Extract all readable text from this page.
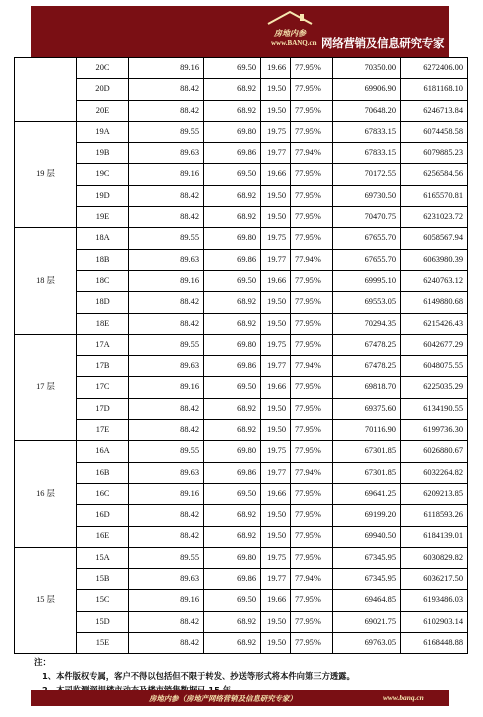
房地内参
www.BANQ.cn 网络营销及信息研究专家
	20C	89.16	69.50	19.66	77.95%	70350.00	6272406.00
	20D	88.42	68.92	19.50	77.95%	69906.90	6181168.10
	20E	88.42	68.92	19.50	77.95%	70648.20	6246713.84
19 层	19A	89.55	69.80	19.75	77.95%	67833.15	6074458.58
	19B	89.63	69.86	19.77	77.94%	67833.15	6079885.23
	19C	89.16	69.50	19.66	77.95%	70172.55	6256584.56
	19D	88.42	68.92	19.50	77.95%	69730.50	6165570.81
	19E	88.42	68.92	19.50	77.95%	70470.75	6231023.72
18 层	18A	89.55	69.80	19.75	77.95%	67655.70	6058567.94
	18B	89.63	69.86	19.77	77.94%	67655.70	6063980.39
	18C	89.16	69.50	19.66	77.95%	69995.10	6240763.12
	18D	88.42	68.92	19.50	77.95%	69553.05	6149880.68
	18E	88.42	68.92	19.50	77.95%	70294.35	6215426.43
17 层	17A	89.55	69.80	19.75	77.95%	67478.25	6042677.29
	17B	89.63	69.86	19.77	77.94%	67478.25	6048075.55
	17C	89.16	69.50	19.66	77.95%	69818.70	6225035.29
	17D	88.42	68.92	19.50	77.95%	69375.60	6134190.55
	17E	88.42	68.92	19.50	77.95%	70116.90	6199736.30
16 层	16A	89.55	69.80	19.75	77.95%	67301.85	6026880.67
	16B	89.63	69.86	19.77	77.94%	67301.85	6032264.82
	16C	89.16	69.50	19.66	77.95%	69641.25	6209213.85
	16D	88.42	68.92	19.50	77.95%	69199.20	6118593.26
	16E	88.42	68.92	19.50	77.95%	69940.50	6184139.01
15 层	15A	89.55	69.80	19.75	77.95%	67345.95	6030829.82
	15B	89.63	69.86	19.77	77.94%	67345.95	6036217.50
	15C	89.16	69.50	19.66	77.95%	69464.85	6193486.03
	15D	88.42	68.92	19.50	77.95%	69021.75	6102903.14
	15E	88.42	68.92	19.50	77.95%	69763.05	6168448.88
注：
1、本件版权专属，客户不得以包括但不限于转发、抄送等形式将本件向第三方透露。
房地内参（房地产网络营销及信息研究专家）	www.banq.cn
